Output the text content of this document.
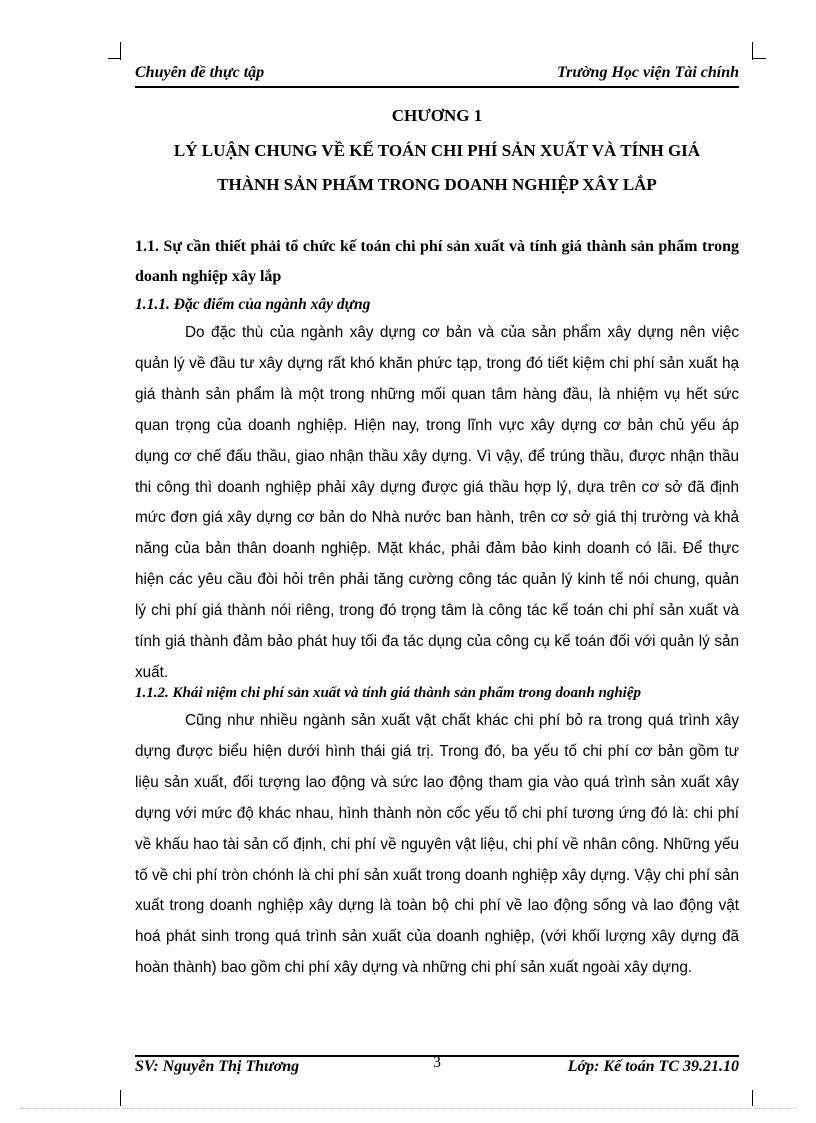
Chuyên đề thực tập	Trường Học viện Tài chính
CHƯƠNG 1
LÝ LUẬN CHUNG VỀ KẾ TOÁN CHI PHÍ SẢN XUẤT VÀ TÍNH GIÁ
THÀNH SẢN PHẨM TRONG DOANH NGHIỆP XÂY LẮP
1.1. Sự cần thiết phải tổ chức kế toán chi phí sản xuất và tính giá thành sản phẩm trong doanh nghiệp xây lắp
1.1.1. Đặc điểm của ngành xây dựng
Do đặc thù của ngành xây dựng cơ bản và của sản phẩm xây dựng nên việc quản lý về đầu tư xây dựng rất khó khăn phức tạp, trong đó tiết kiệm chi phí sản xuất hạ giá thành sản phẩm là một trong những mối quan tâm hàng đầu, là nhiệm vụ hết sức quan trọng của doanh nghiệp. Hiện nay, trong lĩnh vực xây dựng cơ bản chủ yếu áp dụng cơ chế đấu thầu, giao nhận thầu xây dựng. Vì vậy, để trúng thầu, được nhận thầu thi công thì doanh nghiệp phải xây dựng được giá thầu hợp lý, dựa trên cơ sở đã định mức đơn giá xây dựng cơ bản do Nhà nước ban hành, trên cơ sở giá thị trường và khả năng của bản thân doanh nghiệp. Mặt khác, phải đảm bảo kinh doanh có lãi. Để thực hiện các yêu cầu đòi hỏi trên phải tăng cường công tác quản lý kinh tế nói chung, quản lý chi phí giá thành nói riêng, trong đó trọng tâm là công tác kế toán chi phí sản xuất và tính giá thành đảm bảo phát huy tối đa tác dụng của công cụ kế toán đối với quản lý sản xuất.
1.1.2. Khái niệm chi phí sản xuất và tính giá thành sản phẩm trong doanh nghiệp
Cũng như nhiều ngành sản xuất vật chất khác chi phí bỏ ra trong quá trình xây dựng được biểu hiện dưới hình thái giá trị. Trong đó, ba yếu tố chi phí cơ bản gồm tư liệu sản xuất, đối tượng lao động và sức lao động tham gia vào quá trình sản xuất xây dựng với mức độ khác nhau, hình thành nòn cốc yếu tố chi phí tương ứng đó là: chi phí về khấu hao tài sản cố định, chi phí về nguyên vật liệu, chi phí về nhân công. Những yếu tố về chi phí tròn chónh là chi phí sản xuất trong doanh nghiệp xây dựng. Vậy chi phí sản xuất trong doanh nghiệp xây dựng là toàn bộ chi phí về lao động sống và lao động vật hoá phát sinh trong quá trình sản xuất của doanh nghiệp, (với khối lượng xây dựng đã hoàn thành) bao gồm chi phí xây dựng và những chi phí sản xuất ngoài xây dựng.
SV: Nguyễn Thị Thương	3	Lớp: Kế toán TC 39.21.10
